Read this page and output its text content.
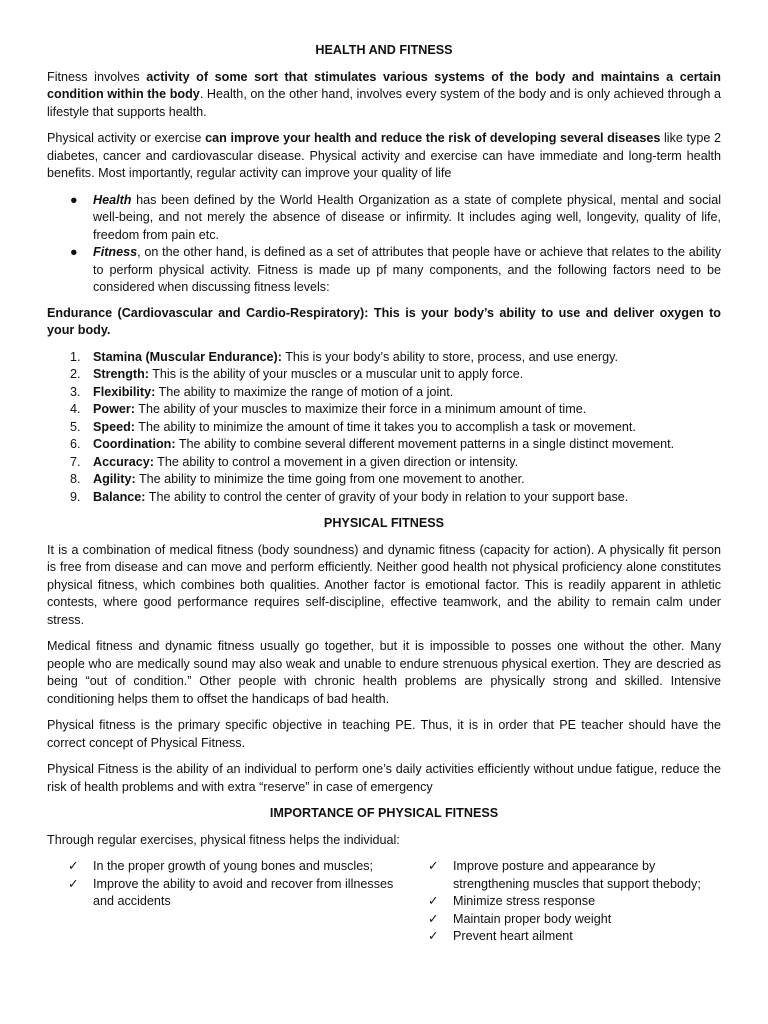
HEALTH AND FITNESS

Fitness involves activity of some sort that stimulates various systems of the body and maintains a certain condition within the body. Health, on the other hand, involves every system of the body and is only achieved through a lifestyle that supports health.

Physical activity or exercise can improve your health and reduce the risk of developing several diseases like type 2 diabetes, cancer and cardiovascular disease. Physical activity and exercise can have immediate and long-term health benefits. Most importantly, regular activity can improve your quality of life

● Health has been defined by the World Health Organization as a state of complete physical, mental and social well-being, and not merely the absence of disease or infirmity. It includes aging well, longevity, quality of life, freedom from pain etc.
● Fitness, on the other hand, is defined as a set of attributes that people have or achieve that relates to the ability to perform physical activity. Fitness is made up pf many components, and the following factors need to be considered when discussing fitness levels:

Endurance (Cardiovascular and Cardio-Respiratory): This is your body’s ability to use and deliver oxygen to your body.

1. Stamina (Muscular Endurance): This is your body’s ability to store, process, and use energy.
2. Strength: This is the ability of your muscles or a muscular unit to apply force.
3. Flexibility: The ability to maximize the range of motion of a joint.
4. Power: The ability of your muscles to maximize their force in a minimum amount of time.
5. Speed: The ability to minimize the amount of time it takes you to accomplish a task or movement.
6. Coordination: The ability to combine several different movement patterns in a single distinct movement.
7. Accuracy: The ability to control a movement in a given direction or intensity.
8. Agility: The ability to minimize the time going from one movement to another.
9. Balance: The ability to control the center of gravity of your body in relation to your support base.
PHYSICAL FITNESS

It is a combination of medical fitness (body soundness) and dynamic fitness (capacity for action). A physically fit person is free from disease and can move and perform efficiently. Neither good health not physical proficiency alone constitutes physical fitness, which combines both qualities. Another factor is emotional factor. This is readily apparent in athletic contests, where good performance requires self-discipline, effective teamwork, and the ability to remain calm under stress.

Medical fitness and dynamic fitness usually go together, but it is impossible to posses one without the other. Many people who are medically sound may also weak and unable to endure strenuous physical exertion. They are descried as being “out of condition.” Other people with chronic health problems are physically strong and skilled. Intensive conditioning helps them to offset the handicaps of bad health.

Physical fitness is the primary specific objective in teaching PE. Thus, it is in order that PE teacher should have the correct concept of Physical Fitness.

Physical Fitness is the ability of an individual to perform one’s daily activities efficiently without undue fatigue, reduce the risk of health problems and with extra “reserve” in case of emergency

IMPORTANCE OF PHYSICAL FITNESS

Through regular exercises, physical fitness helps the individual:

✓ In the proper growth of young bones and muscles;
✓ Improve the ability to avoid and recover from illnesses and accidents
✓ Improve posture and appearance by strengthening muscles that support thebody;
✓ Minimize stress response
✓ Maintain proper body weight
✓ Prevent heart ailment
